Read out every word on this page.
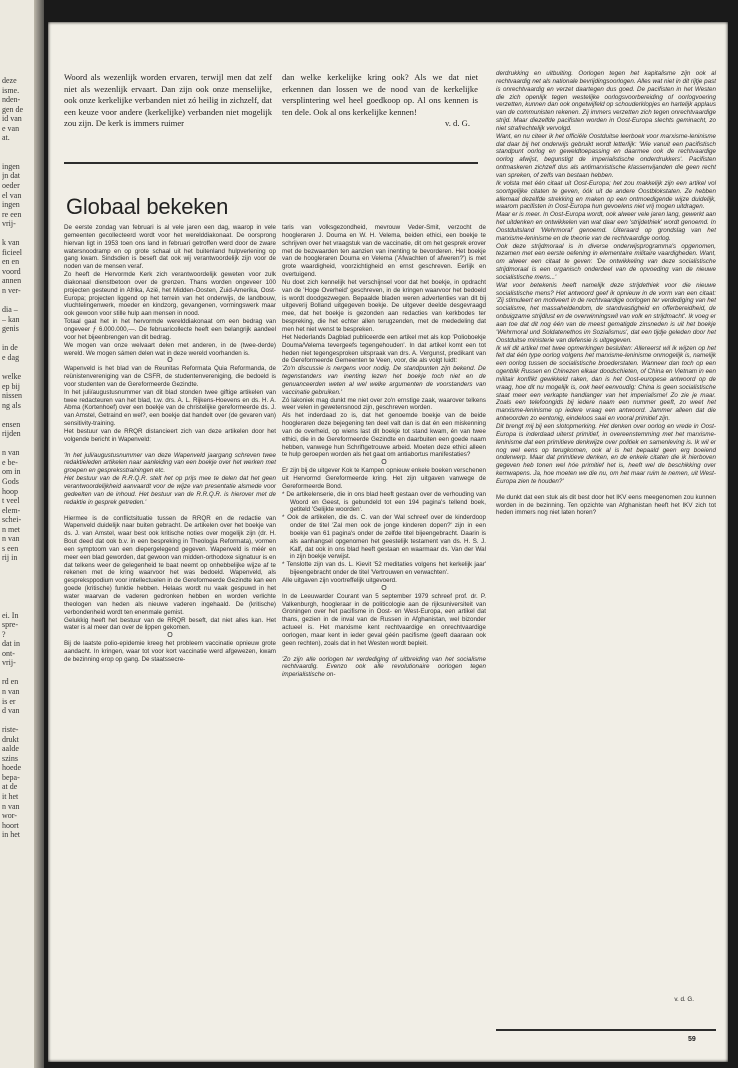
deze
isme.
nden-
gen de
id van
e van
at.
ingen
jn dat
oeder
el van
ingen
re een
vrij-
k van
ficieel
en en
voord
annen
n ver-
dia –
– kan
genis
in de
e dag
welke
ep bij
nissen
ng als
ensen
rijden
n van
e be-
om in
Gods
hoop
t veel
elem-
schei-
n met
n van
s een
rij in
ei. In
spre-
?
dat in
ont-
vrij-
rd en
n van
is er
d van
riste-
drukt
aalde
szins
hoede
bepa-
at de
it het
n van
wor-
hoort
in het

Woord als wezenlijk worden ervaren, terwijl men dat zelf niet als wezenlijk ervaart. Dan zijn ook onze menselijke, ook onze kerkelijke verbanden niet zó heilig in zichzelf, dat een keuze voor andere (kerkelijke) verbanden niet mogelijk zou zijn. De kerk is immers ruimer

dan welke kerkelijke kring ook? Als we dat niet erkennen dan lossen we de nood van de kerkelijke versplintering wel heel goedkoop op. Al ons kennen is ten dele. Ook al ons kerkelijke kennen!
v. d. G.

Globaal bekeken

De eerste zondag van februari is al vele jaren een dag, waarop in vele gemeenten gecollecteerd wordt voor het werelddiakonaat. De oorsprong hiervan ligt in 1953 toen ons land in februari getroffen werd door de zware watersnoodramp en op grote schaal uit het buitenland hulpverlening op gang kwam. Sindsdien is beseft dat ook wij verantwoordelijk zijn voor de noden van de mensen veraf.

Zo heeft de Hervormde Kerk zich verantwoordelijk geweten voor zulk diakonaal dienstbetoon over de grenzen. Thans worden ongeveer 100 projecten gesteund in Afrika, Azië, het Midden-Oosten, Zuid-Amerika, Oost-Europa; projecten liggend op het terrein van het onderwijs, de landbouw, vluchtelingenwerk, moeder en kindzorg, gevangenen, vormingswerk maar ook gewoon voor stille hulp aan mensen in nood.

Totaal gaat het in het hervormde werelddiakonaat om een bedrag van ongeveer ƒ 6.000.000,—. De februaricollecte heeft een belangrijk aandeel voor het bijeenbrengen van dit bedrag.

We mogen van onze welvaart delen met anderen, in de (twee-derde) wereld. We mogen sámen delen wat in deze wereld voorhanden is.

O

Wapenveld is het blad van de Reunitas Reformata Quia Reformanda, de reünistenvereniging van de CSFR, de studentenvereniging, die bedoeld is voor studenten van de Gereformeerde Gezindte.

In het juli/augustusnummer van dit blad stonden twee giftige artikelen van twee redacteuren van het blad, t.w. drs. A. L. Rijkens-Hoevens en ds. H. A. Abma (Kortenhoef) over een boekje van de christelijke gereformeerde ds. J. van Amstel, Getraind en wel?, een boekje dat handelt over (de gevaren van) sensitivity-training.

Het bestuur van de RRQR distancieert zich van deze artikelen door het volgende bericht in Wapenveld:

'In het juli/augustusnummer van deze Wapenveld jaargang schreven twee redaktieleden artikelen naar aanleiding van een boekje over het werken met groepen en gespreksstrainingen etc.

Het bestuur van de R.R.Q.R. stelt het op prijs mee te delen dat het geen verantwoordelijkheid aanvaardt voor de wijze van presentatie alsmede voor gedeelten van de inhoud. Het bestuur van de R.R.Q.R. is hierover met de redaktie in gesprek getreden.'

Hiermee is de conflictsituatie tussen de RRQR en de redactie van Wapenveld duidelijk naar buiten gebracht. De artikelen over het boekje van ds. J. van Amstel, waar best ook kritische noties over mogelijk zijn (dr. H. Bout deed dat ook b.v. in een bespreking in Theologia Reformata), vormen een symptoom van een diepergelegend gegeven. Wapenveld is méér en meer een blad geworden, dat gewoon van midden-orthodoxe signatuur is en dat telkens weer de gelegenheid te baat neemt op onhebbelijke wijze af te rekenen met de kring waarvoor het was bedoeld. Wapenveld, als gespreksppodium voor intellectuelen in de Gereformeerde Gezindte kan een goede (kritische) funktie hebben. Helaas wordt nu vaak gespuwd in het water waarvan de vaderen gedronken hebben en worden verlichte theologen van heden als nieuwe vaderen ingehaald. De (kritische) verbondenheid wordt ten enenmale gemist.

Gelukkig heeft het bestuur van de RRQR beseft, dat niet alles kan. Het water is al meer dan over de lippen gekomen.

O

Bij de laatste polio-epidemie kreeg het probleem vaccinatie opnieuw grote aandacht. In kringen, waar tot voor kort vaccinatie werd afgewezen, kwam de bezinning erop op gang. De staatssecre-

taris van volksgezondheid, mevrouw Veder-Smit, verzocht de hoogleraren J. Douma en W. H. Velema, beiden ethici, een boekje te schrijven over het vraagstuk van de vaccinatie, dit om het gesprek erover met de bezwaarden ten aanzien van inenting te bevorderen. Het boekje van de hoogleraren Douma en Velema ('Afwachten of afweren?') is met grote waardigheid, voorzichtigheid en ernst geschreven. Eerlijk en overtuigend.

Nu doet zich kennelijk het verschijnsel voor dat het boekje, in opdracht van de 'Hoge Overheid' geschreven, in de kringen waarvoor het bedoeld is wordt doodgezwegen. Bepaalde bladen weren advertenties van dit bij uitgeverij Bolland uitgegeven boekje. De uitgever deelde desgevraagd mee, dat het boekje is gezonden aan redacties van kerkbodes ter bespreking, die het echter allen terugzenden, met de mededeling dat men het niet wenst te bespreken.

Het Nederlands Dagblad publiceerde een artikel met als kop 'Polioboekje Douma/Velema tevergeefs tegengehouden'. In dat artikel komt een tot heden niet tegengesproken uitspraak van drs. A. Vergunst, predikant van de Gereformeerde Gemeenten te Veen, voor, die als volgt luidt:

'Zo'n discussie is nergens voor nodig. De standpunten zijn bekend. De tegenstanders van inenting lezen het boekje toch niet en de genuanceerden weten al wel welke argumenten de voorstanders van vaccinatie gebruiken.'

Zó lakoniek mag dunkt me niet over zo'n ernstige zaak, waarover telkens weer velen in gewetensnood zijn, geschreven worden.

Als het inderdaad zo is, dat het genoemde boekje van de beide hoogleraren deze bejegening ten deel valt dan is dat én een miskenning van de overheid, op wiens last dit boekje tot stand kwam, én van twee ethici, die in de Gereformeerde Gezindte en daarbuiten een goede naam hebben, vanwege hun Schriftgetrouwe arbeid. Moeten deze ethici alleen te hulp geroepen worden als het gaat om antiabortus manifestaties?

O

Er zijn bij de uitgever Kok te Kampen opnieuw enkele boeken verschenen uit Hervormd Gereformeerde kring. Het zijn uitgaven vanwege de Gereformeerde Bond.

* De artikelenserie, die in ons blad heeft gestaan over de verhouding van Woord en Geest, is gebundeld tot een 194 pagina's tellend boek, getiteld 'Gelijkte woorden'.

* Ook de artikelen, die ds. C. van der Wal schreef over de kinderdoop onder de titel 'Zal men ook de jonge kinderen dopen?' zijn in een boekje van 61 pagina's onder de zelfde titel bijeengebracht. Daarin is als aanhangsel opgenomen het geestelijk testament van ds. H. S. J. Kalf, dat ook in ons blad heeft gestaan en waarmaar ds. Van der Wal in zijn boekje verwijst.

* Tenslotte zijn van ds. L. Kievit '52 meditaties volgens het kerkelijk jaar' bijeengebracht onder de titel 'Vertrouwen en verwachten'.

Alle uitgaven zijn voortreffelijk uitgevoerd.

O

In de Leeuwarder Courant van 5 september 1979 schreef prof. dr. P. Valkenburgh, hoogleraar in de politicologie aan de rijksuniversiteit van Groningen over het pacifisme in Oost- en West-Europa, een artikel dat thans, gezien in de inval van de Russen in Afghanistan, wel bizonder actueel is. Het marxisme kent rechtvaardige en onrechtvaardige oorlogen, maar kent in ieder geval géén pacifisme (geeft daaraan ook geen rechten), zoals dat in het Westen wordt bepleit.

'Zo zijn alle oorlogen ter verdediging of uitbreiding van het socialisme rechtvaardig. Evenzo ook alle revolutionaire oorlogen tegen imperialistische on-

derdrukking en uitbuiting. Oorlogen tegen het kapitalisme zijn ook al rechtvaardig net als nationale bevrijdingsoorlogen. Alles wat niet in dit rijtje past is onrechtvaardig en verzet daartegen dus goed. De pacifisten in het Westen die zich openlijk tegen westelijke oorlogsvoorbereiding of oorlogvoering verzetten, kunnen dan ook ongetwijfeld op schouderklopjes en hartelijk applaus van de communisten rekenen. Zij immers verzetten zich tegen onrechtvaardige strijd. Maar diezelfde pacifisten worden in Oost-Europa slechts geminacht, zo niet strafrechtelijk vervolgd.

Want, en nu citeer ik het officiële Oostduitse leerboek voor marxisme-leninisme dat daar bij het onderwijs gebruikt wordt letterlijk: 'Wie vanuit een pacifistisch standpunt oorlog en geweldtoepassing en daarmee ook de rechtvaardige oorlog afwijst, begunstigt de imperialistische onderdrukkers'. Pacifisten ontmaskeren zichzelf dus als antimarxistische klassenvijanden die geen recht van spreken, of zelfs van bestaan hebben.

Ik volsta met één citaat uit Oost-Europa; het zou makkelijk zijn een artikel vol soortgelijke citaten te geven, óók uit de andere Oostblokstaten. Ze hebben allemaal dezelfde strekking en maken op een ontmoedigende wijze duidelijk, waarom pacifisten in Oost-Europa hun gevoelens niet vrij mogen uitdragen.

Maar er is meer. In Oost-Europa wordt, ook alweer vele jaren lang, gewerkt aan het uitdenken en ontwikkelen van wat daar een 'strijdethiek' wordt genoemd. In Oostduitsland 'Wehrmoral' genoemd. Uiteraard op grondslag van het marxisme-leninisme en de theorie van de rechtvaardige oorlog.

Ook deze strijdmoraal is in diverse onderwijsprogramma's opgenomen, tezamen met een eerste oefening in elementaire militaire vaardigheden. Want, om alweer een citaat te geven: 'De ontwikkeling van deze socialistische strijdmoraal is een organisch onderdeel van de opvoeding van de nieuwe socialistische mens...'

Wat voor betekenis heeft namelijk deze strijdethiek voor die nieuwe socialistische mens? Het antwoord geef ik opnieuw in de vorm van een citaat: 'Zij stimuleert en motiveert in de rechtvaardige oorlogen ter verdediging van het socialisme, het massaheldendom, de standvastigheid en offerbereidheid, de onbuigzame strijdlust en de overwinningswil van volk en strijdmacht'. Ik voeg er aan toe dat dit nog één van de meest gematigde zinsneden is uit het boekje 'Wehrmoral und Soldatenethos im Sozialismus', dat een tijdje geleden door het Oostduitse ministerie van defensie is uitgegeven.

Ik wil dit artikel met twee opmerkingen besluiten: Allereerst wil ik wijzen op het feit dat één type oorlog volgens het marxisme-leninisme onmogelijk is, namelijk een oorlog tussen de socialistische broederstaten. Wanneer dan toch op een ogenblik Russen en Chinezen elkaar doodschieten, of China en Vietnam in een militair konflikt gewikkeld raken, dan is het Oost-europese antwoord op de vraag, hoe dit nu mogelijk is, ook heel eenvoudig: China is geen socialistische staat meer een verkapte handlanger van het imperialisme! Zo zie je maar. Zoals een telefoongids bij iedere naam een nummer geeft, zo weet het marxisme-leninisme op iedere vraag een antwoord. Jammer alleen dat die antwoorden zo eentonig, eindeloos saai en vooral primitief zijn.

Dit brengt mij bij een slotopmerking. Het denken over oorlog en vrede in Oost-Europa is inderdaad uiterst primitief, in overeenstemming met het marxisme-leninisme dat een primitieve denkwijze over politiek en samenleving is. Ik wil er nog wel eens op terugkomen, ook al is het bepaald geen erg boeiend onderwerp. Maar dat primitieve denken, en de enkele citaten die ik hierboven gegeven heb tonen wel hóe primitief het is, heeft wel de beschikking over kernwapens. Ja, hoe moeten we die nu, om het maar ruim te nemen, uit West-Europa zien te houden?'

Me dunkt dat een stuk als dit best door het IKV eens meegenomen zou kunnen worden in de bezinning. Ten opzichte van Afghanistan heeft het IKV zich tot heden immers nog niet laten horen?

v. d. G.

59
